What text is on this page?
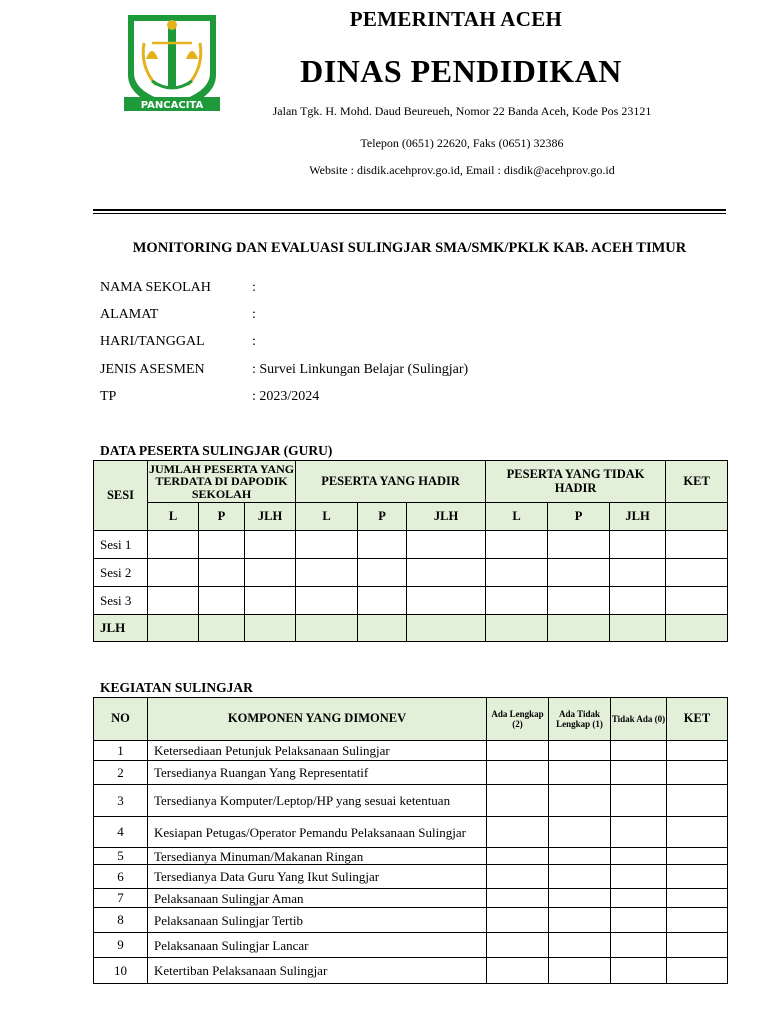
PANCACITA
PEMERINTAH ACEH
DINAS PENDIDIKAN
Jalan Tgk. H. Mohd. Daud Beureueh, Nomor 22 Banda Aceh, Kode Pos 23121
Telepon (0651) 22620, Faks (0651) 32386
Website : disdik.acehprov.go.id, Email : disdik@acehprov.go.id
MONITORING DAN EVALUASI SULINGJAR SMA/SMK/PKLK KAB. ACEH TIMUR
NAMA SEKOLAH	:
ALAMAT	:
HARI/TANGGAL	:
JENIS ASESMEN	: Survei Linkungan Belajar (Sulingjar)
TP	: 2023/2024
DATA PESERTA SULINGJAR (GURU)
SESI	JUMLAH PESERTA YANG TERDATA DI DAPODIK SEKOLAH			PESERTA YANG HADIR			PESERTA YANG TIDAK HADIR			KET
	L	P	JLH	L	P	JLH	L	P	JLH	
Sesi 1										
Sesi 2										
Sesi 3										
JLH										
KEGIATAN SULINGJAR
NO	KOMPONEN YANG DIMONEV	Ada Lengkap (2)	Ada Tidak Lengkap (1)	Tidak Ada (0)	KET
1	Ketersediaan Petunjuk Pelaksanaan Sulingjar				
2	Tersedianya Ruangan Yang Representatif				
3	Tersedianya Komputer/Leptop/HP yang sesuai ketentuan				
4	Kesiapan Petugas/Operator Pemandu Pelaksanaan Sulingjar				
5	Tersedianya Minuman/Makanan Ringan				
6	Tersedianya Data Guru Yang Ikut Sulingjar				
7	Pelaksanaan Sulingjar Aman				
8	Pelaksanaan Sulingjar Tertib				
9	Pelaksanaan Sulingjar Lancar				
10	Ketertiban Pelaksanaan Sulingjar				
